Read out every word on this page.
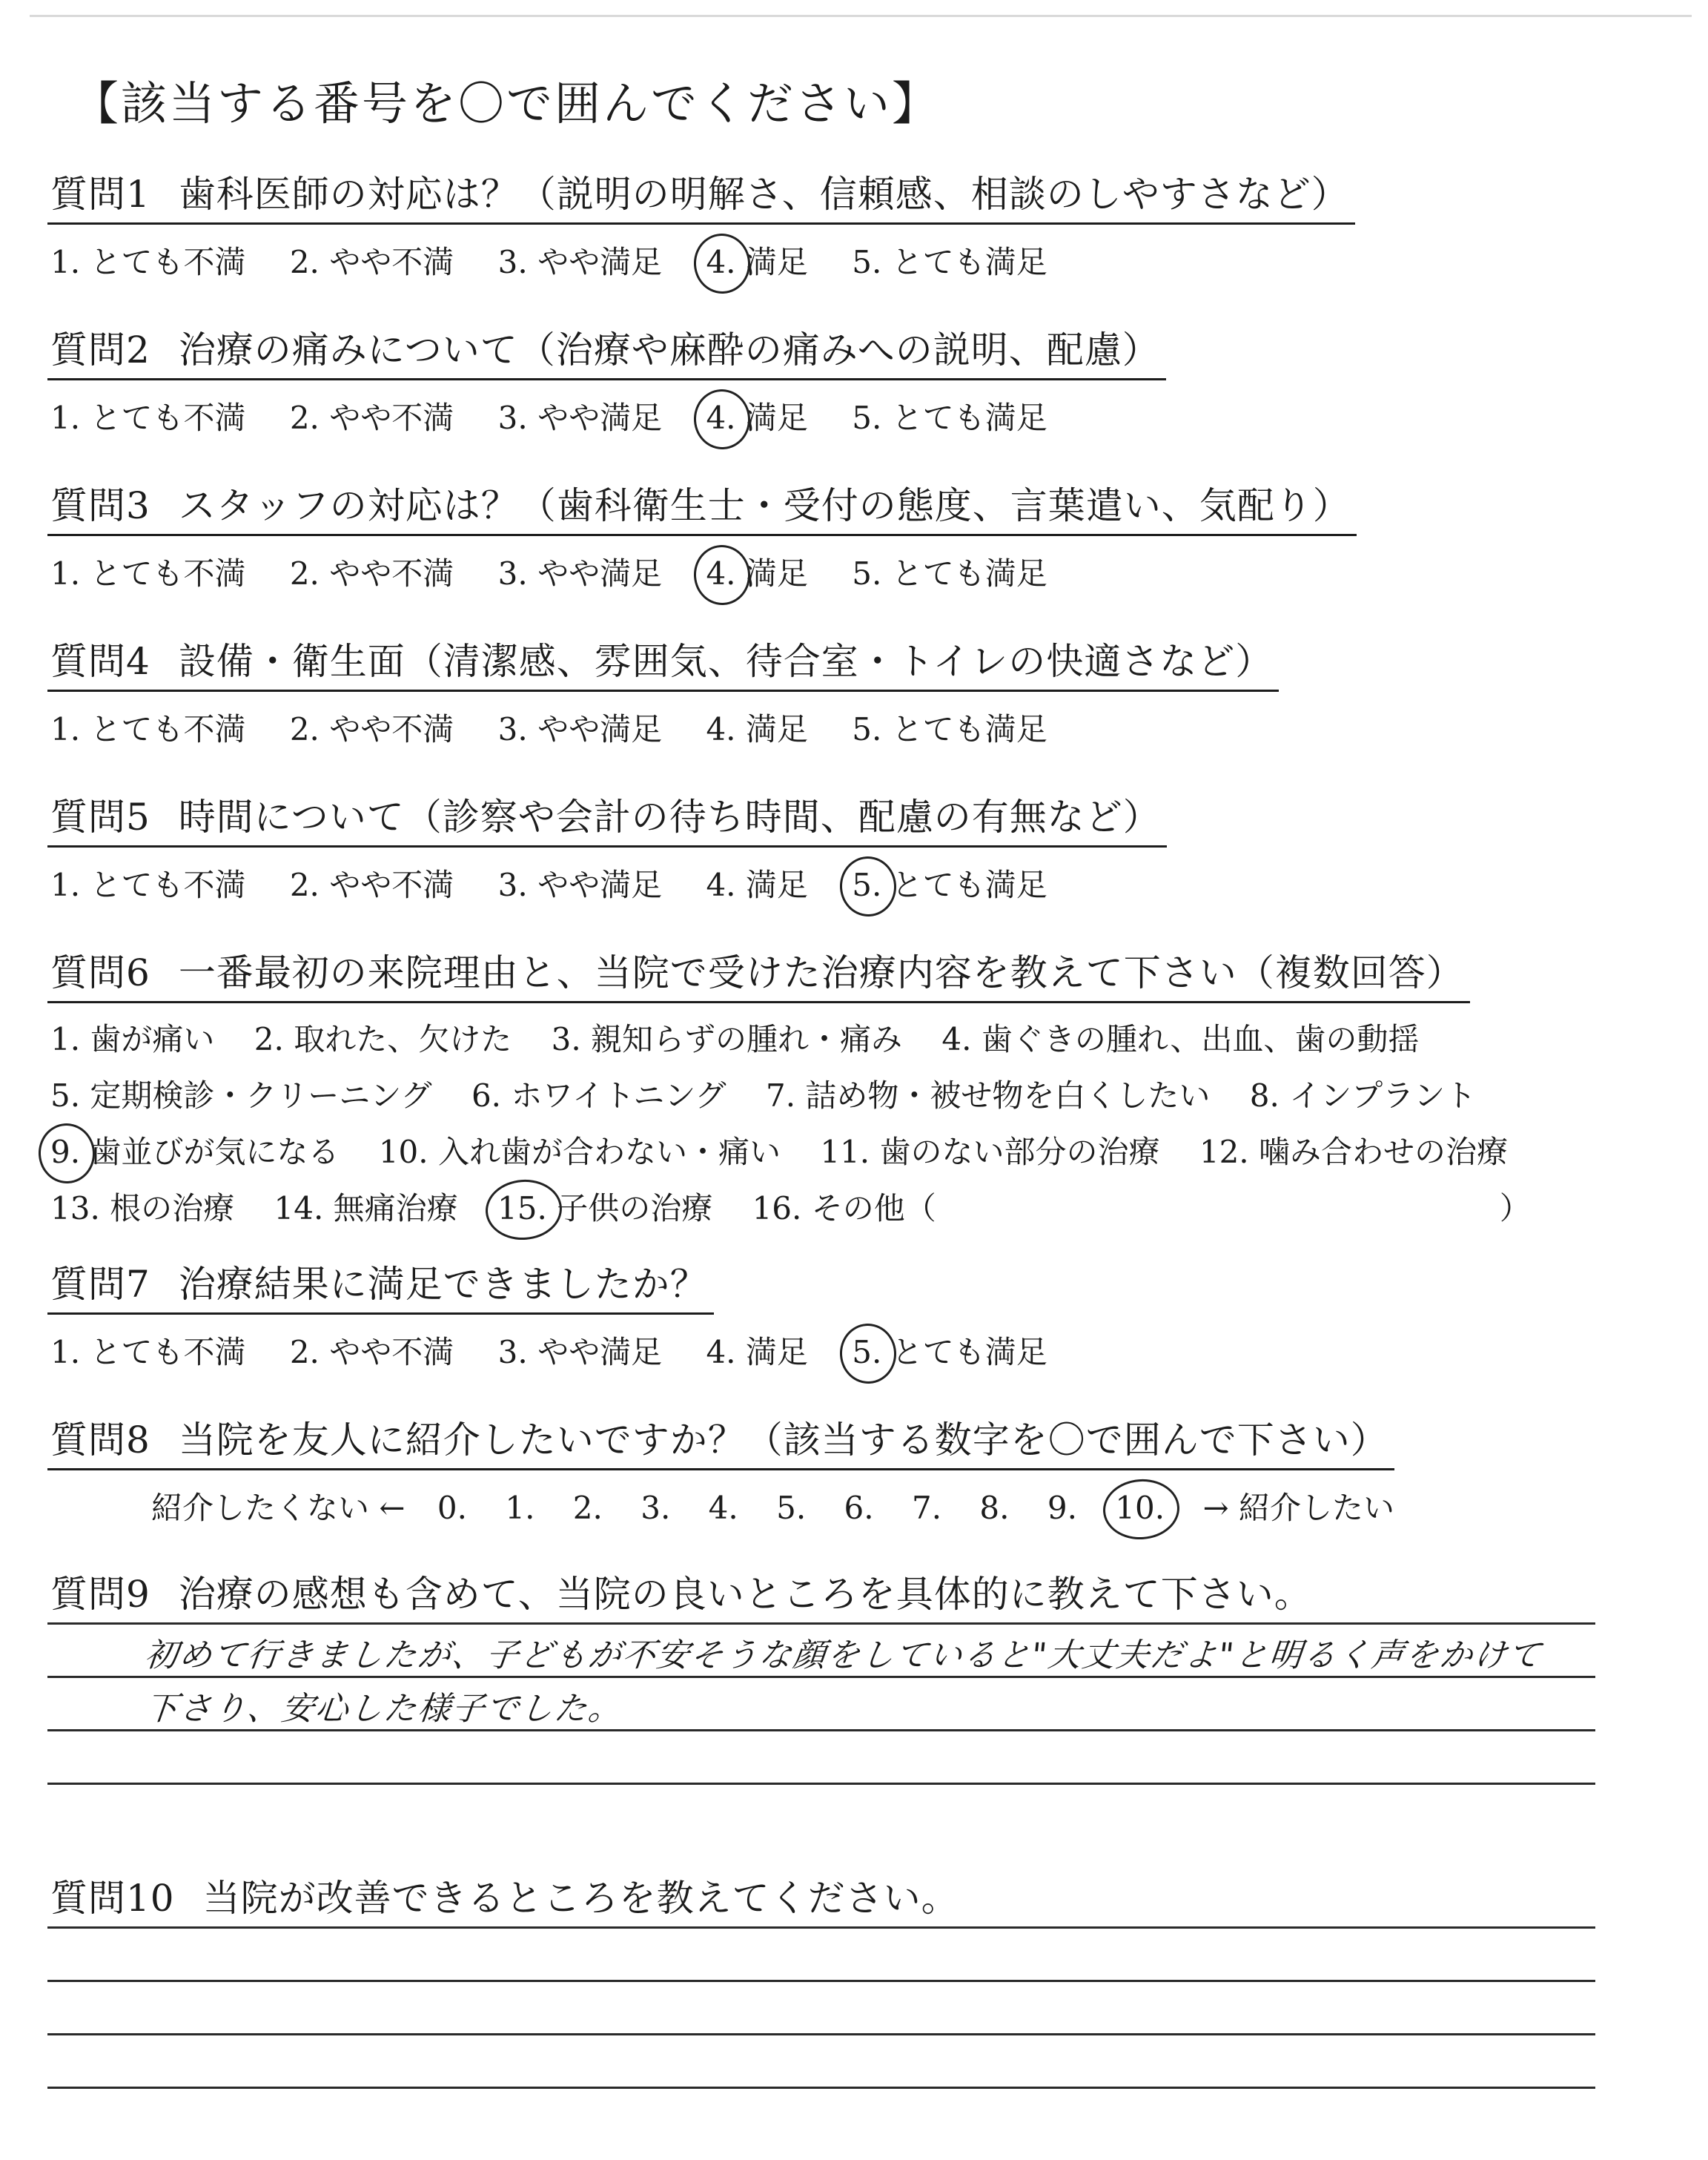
【該当する番号を〇で囲んでください】
質問1 歯科医師の対応は？（説明の明解さ、信頼感、相談のしやすさなど）
1. とても不満 2. やや不満 3. やや満足 4. 満足 5. とても満足
質問2 治療の痛みについて（治療や麻酔の痛みへの説明、配慮）
1. とても不満 2. やや不満 3. やや満足 4. 満足 5. とても満足
質問3 スタッフの対応は？（歯科衛生士・受付の態度、言葉遣い、気配り）
1. とても不満 2. やや不満 3. やや満足 4. 満足 5. とても満足
質問4 設備・衛生面（清潔感、雰囲気、待合室・トイレの快適さなど）
1. とても不満 2. やや不満 3. やや満足 4. 満足 5. とても満足
質問5 時間について（診察や会計の待ち時間、配慮の有無など）
1. とても不満 2. やや不満 3. やや満足 4. 満足 5. とても満足
質問6 一番最初の来院理由と、当院で受けた治療内容を教えて下さい（複数回答）
1. 歯が痛い 2. 取れた、欠けた 3. 親知らずの腫れ・痛み 4. 歯ぐきの腫れ、出血、歯の動揺
5. 定期検診・クリーニング 6. ホワイトニング 7. 詰め物・被せ物を白くしたい 8. インプラント
9. 歯並びが気になる 10. 入れ歯が合わない・痛い 11. 歯のない部分の治療 12. 噛み合わせの治療
13. 根の治療 14. 無痛治療 15. 子供の治療 16. その他（	）
質問7 治療結果に満足できましたか？
1. とても不満 2. やや不満 3. やや満足 4. 満足 5. とても満足
質問8 当院を友人に紹介したいですか？（該当する数字を〇で囲んで下さい）
紹介したくない ← 0. 1. 2. 3. 4. 5. 6. 7. 8. 9. 10. → 紹介したい
質問9 治療の感想も含めて、当院の良いところを具体的に教えて下さい。
初めて行きましたが、子どもが不安そうな顔をしていると"大丈夫だよ"と明るく声をかけて
下さり、安心した様子でした。
質問10 当院が改善できるところを教えてください。
